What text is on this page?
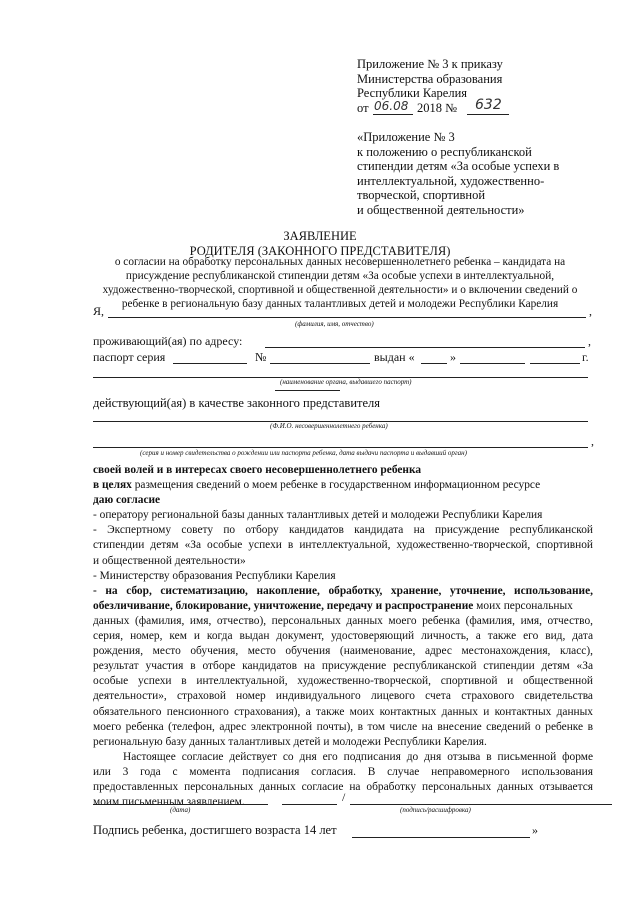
Приложение № 3 к приказу
Министерства образования
Республики Карелия
от 06.08 2018 № 632
«Приложение № 3
к положению о республиканской
стипендии детям «За особые успехи в
интеллектуальной, художественно-
творческой, спортивной
и общественной деятельности»
ЗАЯВЛЕНИЕ
РОДИТЕЛЯ (ЗАКОННОГО ПРЕДСТАВИТЕЛЯ)
о согласии на обработку персональных данных несовершеннолетнего ребенка – кандидата на
присуждение республиканской стипендии детям «За особые успехи в интеллектуальной,
художественно-творческой, спортивной и общественной деятельности» и о включении сведений о
ребенке в региональную базу данных талантливых детей и молодежи Республики Карелия
Я,	,
(фамилия, имя, отчество)
проживающий(ая) по адресу:	,
паспорт серия	№	выдан «	»	г.
(наименование органа, выдавшего паспорт)
действующий(ая) в качестве законного представителя
(Ф.И.О. несовершеннолетнего ребенка)
,
(серия и номер свидетельства о рождении или паспорта ребенка, дата выдачи паспорта и выдавший орган)
своей волей и в интересах своего несовершеннолетнего ребенка
в целях размещения сведений о моем ребенке в государственном информационном ресурсе
даю согласие
- оператору региональной базы данных талантливых детей и молодежи Республики Карелия
- Экспертному совету по отбору кандидатов кандидата на присуждение республиканской
стипендии детям «За особые успехи в интеллектуальной, художественно-творческой, спортивной
и общественной деятельности»
- Министерству образования Республики Карелия
- на сбор, систематизацию, накопление, обработку, хранение, уточнение, использование,
обезличивание, блокирование, уничтожение, передачу и распространение моих персональных
данных (фамилия, имя, отчество), персональных данных моего ребенка (фамилия, имя, отчество,
серия, номер, кем и когда выдан документ, удостоверяющий личность, а также его вид, дата
рождения, место обучения, место обучения (наименование, адрес местонахождения, класс),
результат участия в отборе кандидатов на присуждение республиканской стипендии детям «За
особые успехи в интеллектуальной, художественно-творческой, спортивной и общественной
деятельности», страховой номер индивидуального лицевого счета страхового свидетельства
обязательного пенсионного страхования), а также моих контактных данных и контактных данных
моего ребенка (телефон, адрес электронной почты), в том числе на внесение сведений о ребенке в
региональную базу данных талантливых детей и молодежи Республики Карелия.
Настоящее согласие действует со дня его подписания до дня отзыва в письменной форме
или 3 года с момента подписания согласия. В случае неправомерного использования
предоставленных персональных данных согласие на обработку персональных данных отзывается
моим письменным заявлением.
(дата)
/
(подпись/расшифровка)
Подпись ребенка, достигшего возраста 14 лет	»
